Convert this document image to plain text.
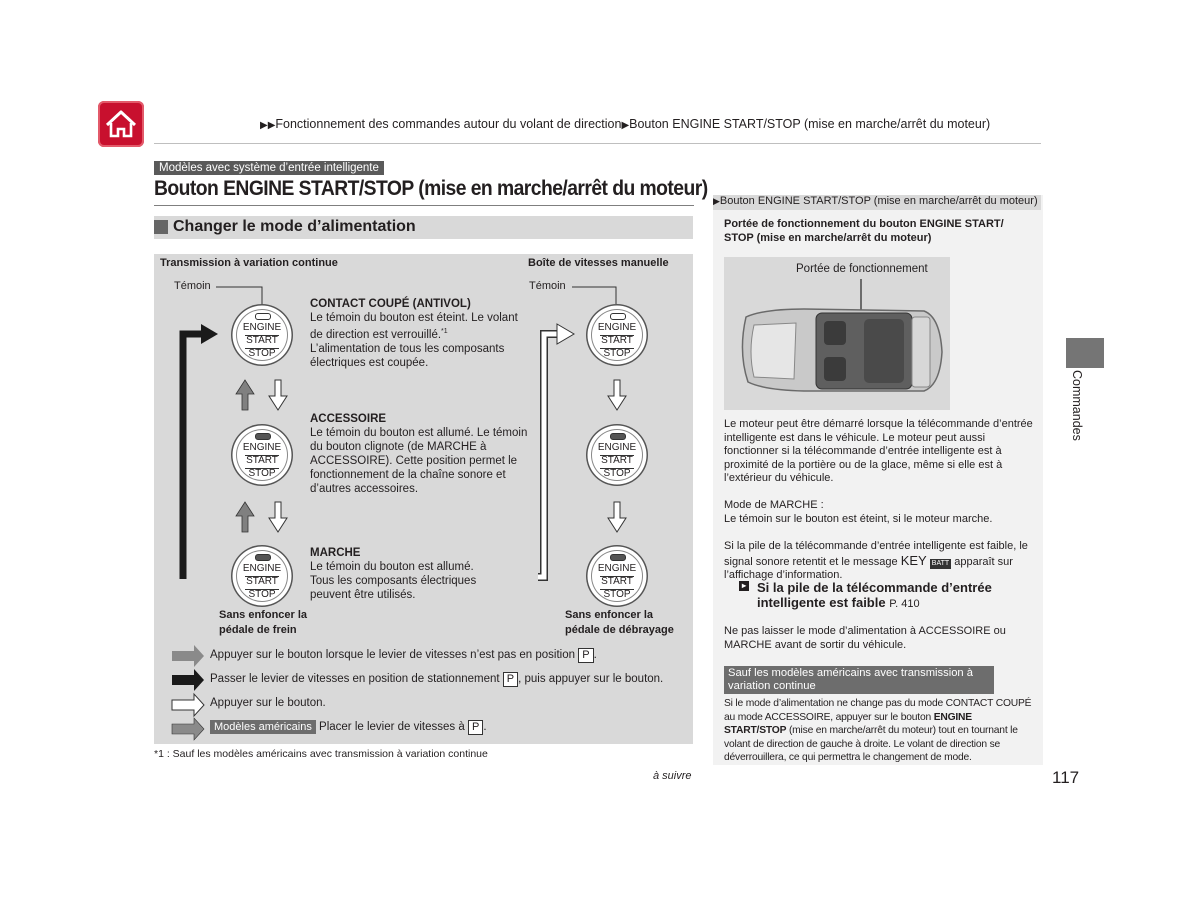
▶▶Fonctionnement des commandes autour du volant de direction▶Bouton ENGINE START/STOP (mise en marche/arrêt du moteur)
Modèles avec système d’entrée intelligente
Bouton ENGINE START/STOP (mise en marche/arrêt du moteur)
Changer le mode d’alimentation
Transmission à variation continue	Boîte de vitesses manuelle
Témoin	Témoin
ENGINE
START
STOP
ENGINE
START
STOP
ENGINE
START
STOP
ENGINE
START
STOP
ENGINE
START
STOP
ENGINE
START
STOP
CONTACT COUPÉ (ANTIVOL)
Le témoin du bouton est éteint. Le volant de direction est verrouillé.$^{*1}$
L’alimentation de tous les composants électriques est coupée.
ACCESSOIRE
Le témoin du bouton est allumé. Le témoin du bouton clignote (de MARCHE à ACCESSOIRE). Cette position permet le fonctionnement de la chaîne sonore et d’autres accessoires.
MARCHE
Le témoin du bouton est allumé. Tous les composants électriques peuvent être utilisés.
Sans enfoncer la
pédale de frein
Sans enfoncer la
pédale de débrayage
Appuyer sur le bouton lorsque le levier de vitesses n’est pas en position P .
Passer le levier de vitesses en position de stationnement P , puis appuyer sur le bouton.
Appuyer sur le bouton.
Modèles américains Placer le levier de vitesses à P .
*1 : Sauf les modèles américains avec transmission à variation continue
à suivre	117
▶Bouton ENGINE START/STOP (mise en marche/arrêt du moteur)
Portée de fonctionnement du bouton ENGINE START/ STOP (mise en marche/arrêt du moteur)
Portée de fonctionnement
Le moteur peut être démarré lorsque la télécommande d’entrée intelligente est dans le véhicule. Le moteur peut aussi fonctionner si la télécommande d’entrée intelligente est à proximité de la portière ou de la glace, même si elle est à l’extérieur du véhicule.
Mode de MARCHE :
Le témoin sur le bouton est éteint, si le moteur marche.
Si la pile de la télécommande d’entrée intelligente est faible, le signal sonore retentit et le message KEY BATT apparaît sur l’affichage d’information.
▸ Si la pile de la télécommande d’entrée
intelligente est faible P. 410
Ne pas laisser le mode d’alimentation à ACCESSOIRE ou MARCHE avant de sortir du véhicule.
Sauf les modèles américains avec transmission à variation continue
Si le mode d’alimentation ne change pas du mode CONTACT COUPÉ au mode ACCESSOIRE, appuyer sur le bouton ENGINE START/STOP (mise en marche/arrêt du moteur) tout en tournant le volant de direction de gauche à droite. Le volant de direction se déverrouillera, ce qui permettra le changement de mode.
Commandes
